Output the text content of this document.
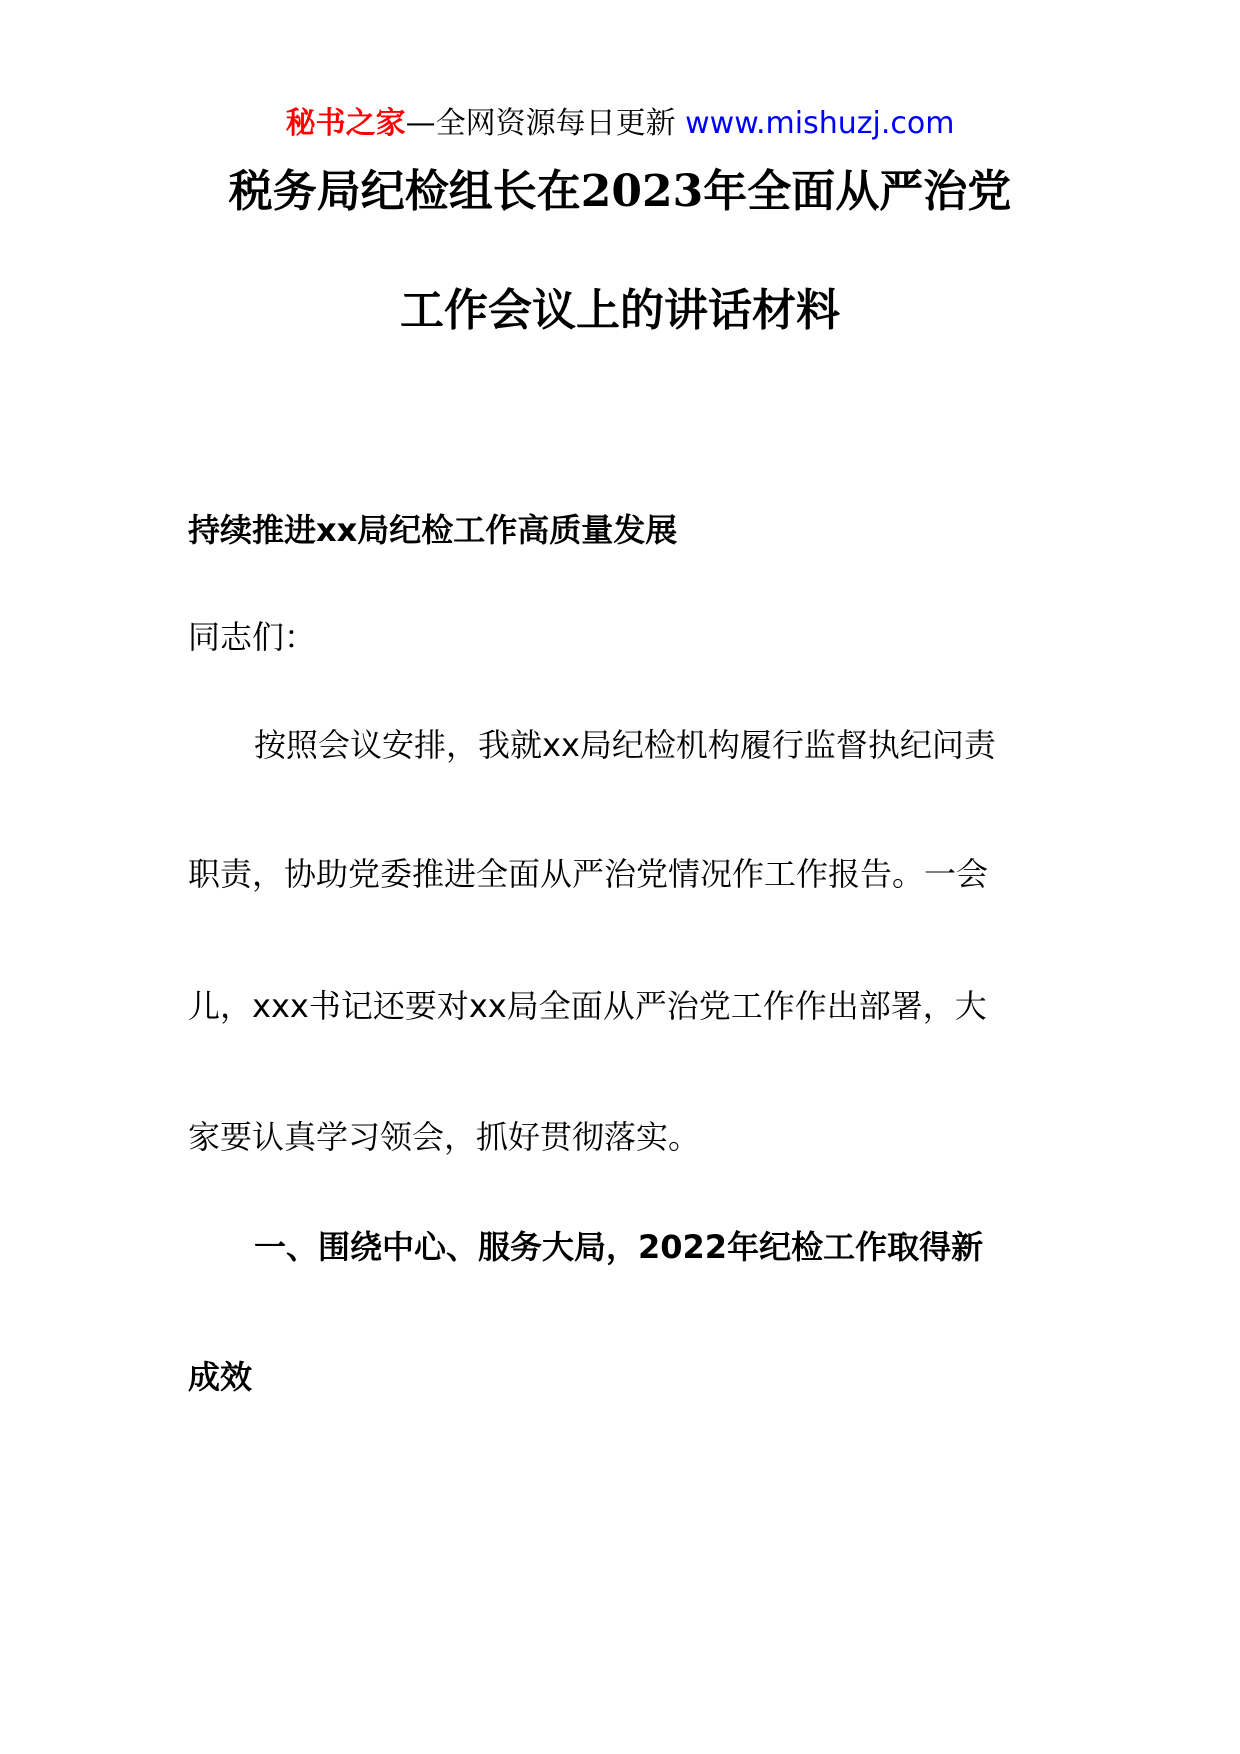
秘书之家—全网资源每日更新 www.mishuzj.com
税务局纪检组长在2023年全面从严治党
工作会议上的讲话材料
持续推进xx局纪检工作高质量发展
同志们：
按照会议安排，我就xx局纪检机构履行监督执纪问责
职责，协助党委推进全面从严治党情况作工作报告。一会
儿，xxx书记还要对xx局全面从严治党工作作出部署，大
家要认真学习领会，抓好贯彻落实。
一、围绕中心、服务大局，2022年纪检工作取得新
成效
